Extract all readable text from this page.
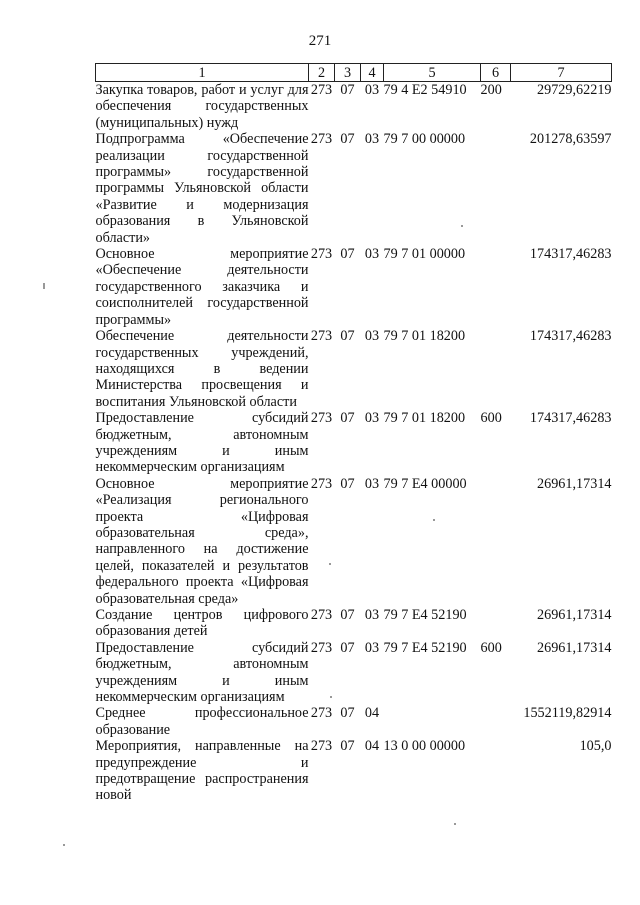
271
1	2	3	4	5	6	7
Закупка товаров, работ и услуг для обеспечения государственных (муниципальных) нужд	273	07	03	79 4 E2 54910	200	29729,62219
Подпрограмма «Обеспечение реализации государственной программы» государственной программы Ульяновской области «Развитие и модернизация образования в Ульяновской области»	273	07	03	79 7 00 00000		201278,63597
Основное мероприятие «Обеспечение деятельности государственного заказчика и соисполнителей государственной программы»	273	07	03	79 7 01 00000		174317,46283
Обеспечение деятельности государственных учреждений, находящихся в ведении Министерства просвещения и воспитания Ульяновской области	273	07	03	79 7 01 18200		174317,46283
Предоставление субсидий бюджетным, автономным учреждениям и иным некоммерческим организациям	273	07	03	79 7 01 18200	600	174317,46283
Основное мероприятие «Реализация регионального проекта «Цифровая образовательная среда», направленного на достижение целей, показателей и результатов федерального проекта «Цифровая образовательная среда»	273	07	03	79 7 E4 00000		26961,17314
Создание центров цифрового образования детей	273	07	03	79 7 E4 52190		26961,17314
Предоставление субсидий бюджетным, автономным учреждениям и иным некоммерческим организациям	273	07	03	79 7 E4 52190	600	26961,17314
Среднее профессиональное образование	273	07	04			1552119,82914
Мероприятия, направленные на предупреждение и предотвращение распространения новой	273	07	04	13 0 00 00000		105,0
